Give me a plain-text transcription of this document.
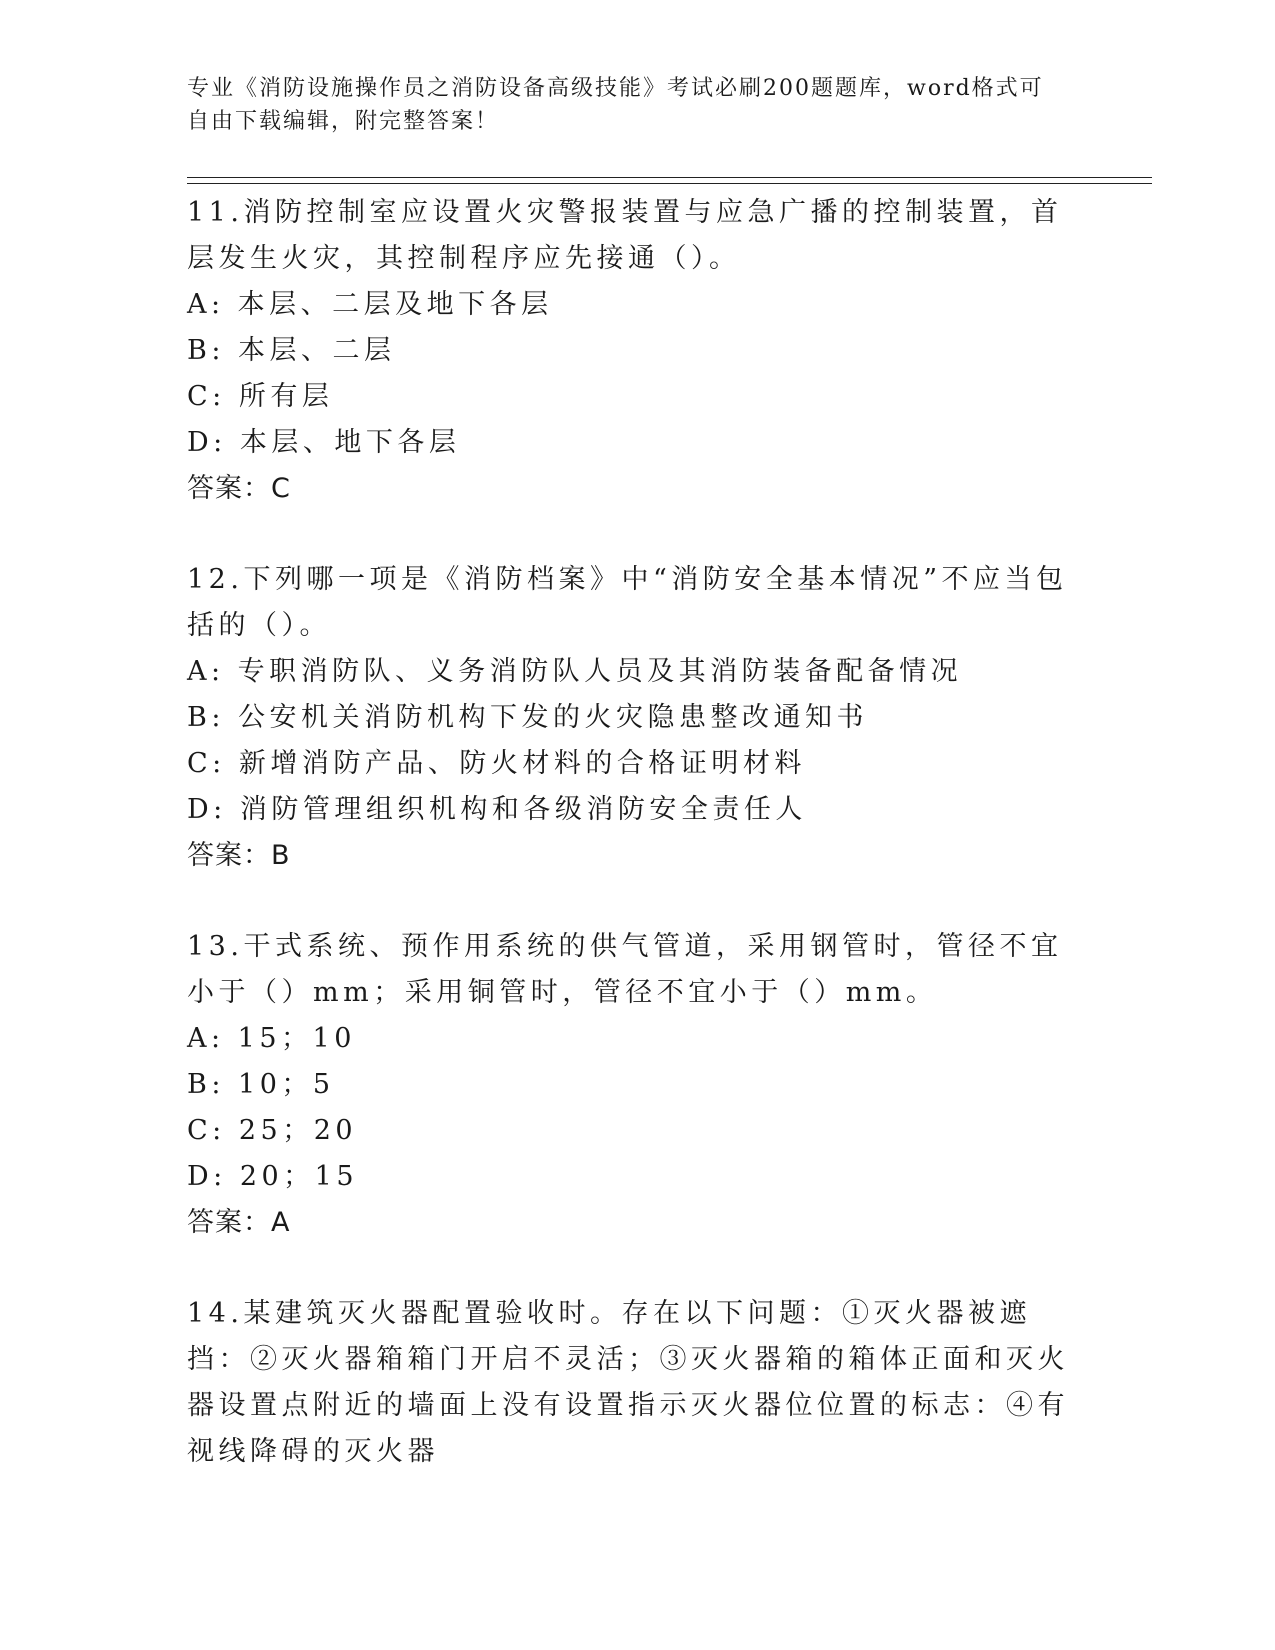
专业《消防设施操作员之消防设备高级技能》考试必刷200题题库，word格式可自由下载编辑，附完整答案！

11.消防控制室应设置火灾警报装置与应急广播的控制装置，首层发生火灾，其控制程序应先接通（）。

A: 本层、二层及地下各层

B: 本层、二层

C: 所有层

D: 本层、地下各层

答案：C

12.下列哪一项是《消防档案》中“消防安全基本情况”不应当包括的（）。

A: 专职消防队、义务消防队人员及其消防装备配备情况

B: 公安机关消防机构下发的火灾隐患整改通知书

C: 新增消防产品、防火材料的合格证明材料

D: 消防管理组织机构和各级消防安全责任人

答案：B

13.干式系统、预作用系统的供气管道，采用钢管时，管径不宜小于（）mm；采用铜管时，管径不宜小于（）mm。

A: 15；10

B: 10；5

C: 25；20

D: 20；15

答案：A

14.某建筑灭火器配置验收时。存在以下问题：①灭火器被遮挡：②灭火器箱箱门开启不灵活；③灭火器箱的箱体正面和灭火器设置点附近的墙面上没有设置指示灭火器位位置的标志：④有视线降碍的灭火器
